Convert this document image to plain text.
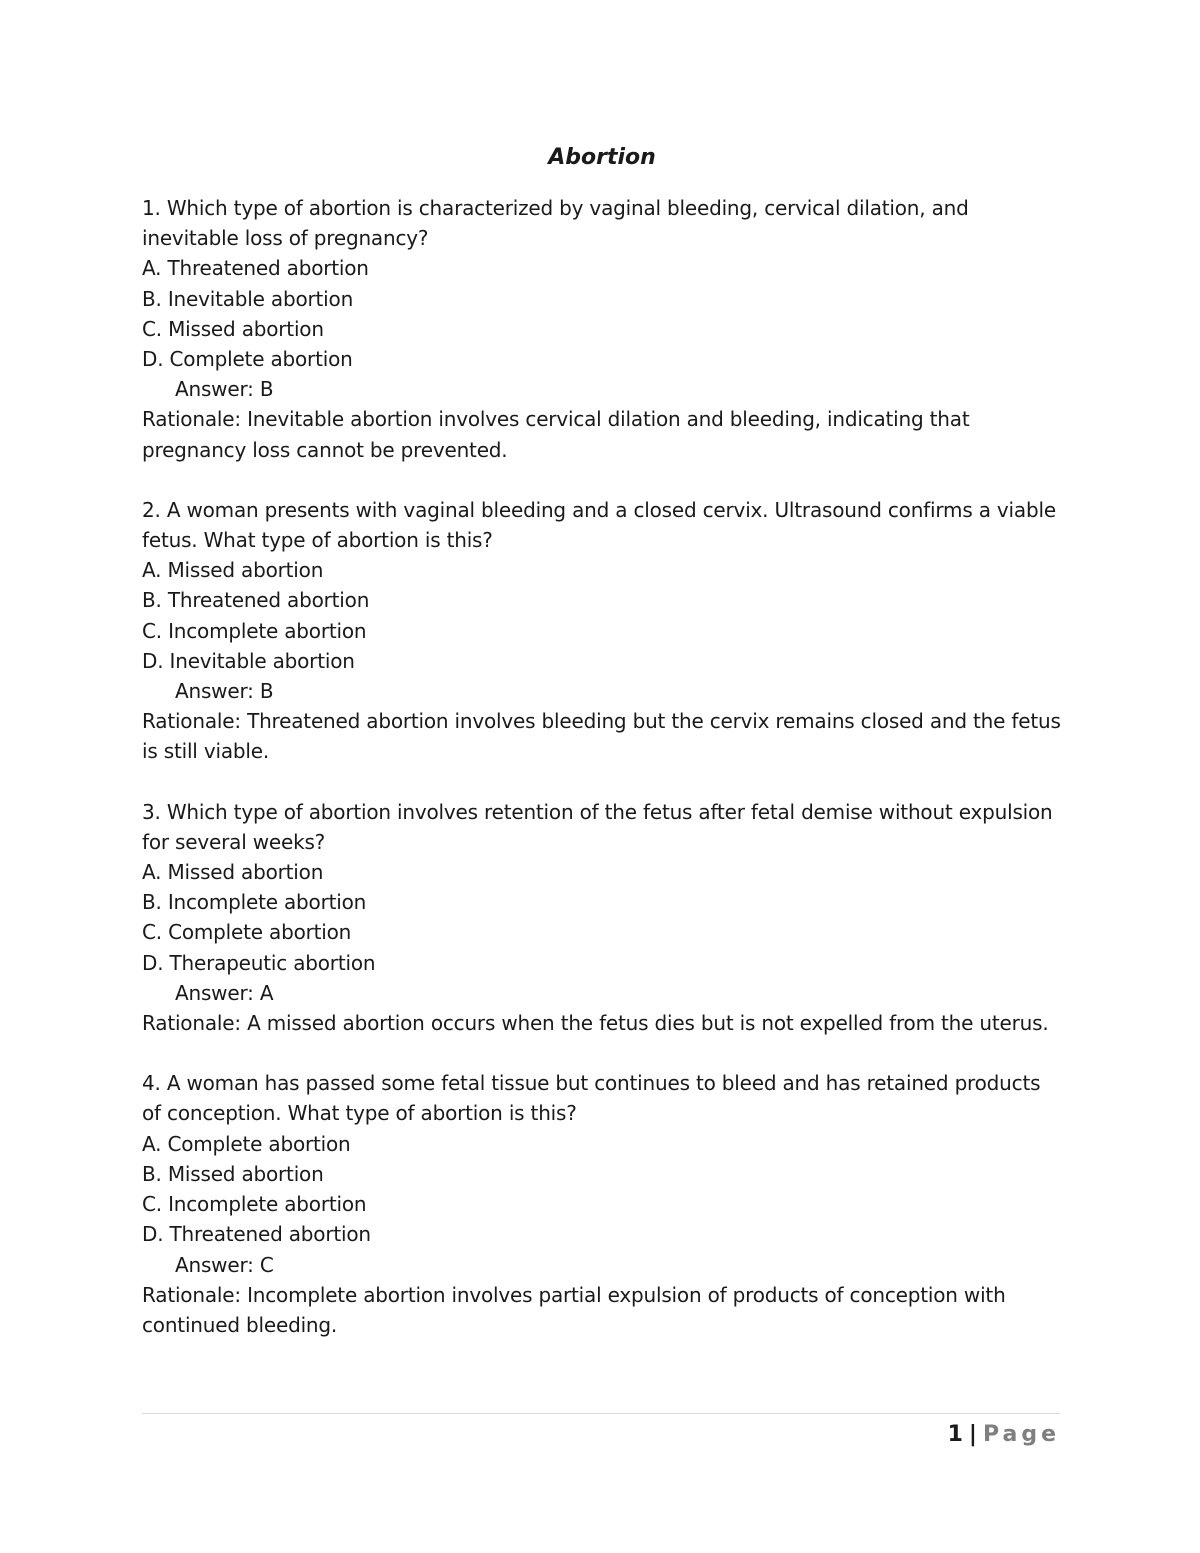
Abortion
1. Which type of abortion is characterized by vaginal bleeding, cervical dilation, and inevitable loss of pregnancy?
A. Threatened abortion
B. Inevitable abortion
C. Missed abortion
D. Complete abortion
Answer: B
Rationale: Inevitable abortion involves cervical dilation and bleeding, indicating that pregnancy loss cannot be prevented.
2. A woman presents with vaginal bleeding and a closed cervix. Ultrasound confirms a viable fetus. What type of abortion is this?
A. Missed abortion
B. Threatened abortion
C. Incomplete abortion
D. Inevitable abortion
Answer: B
Rationale: Threatened abortion involves bleeding but the cervix remains closed and the fetus is still viable.
3. Which type of abortion involves retention of the fetus after fetal demise without expulsion for several weeks?
A. Missed abortion
B. Incomplete abortion
C. Complete abortion
D. Therapeutic abortion
Answer: A
Rationale: A missed abortion occurs when the fetus dies but is not expelled from the uterus.
4. A woman has passed some fetal tissue but continues to bleed and has retained products of conception. What type of abortion is this?
A. Complete abortion
B. Missed abortion
C. Incomplete abortion
D. Threatened abortion
Answer: C
Rationale: Incomplete abortion involves partial expulsion of products of conception with continued bleeding.
1 | Page
